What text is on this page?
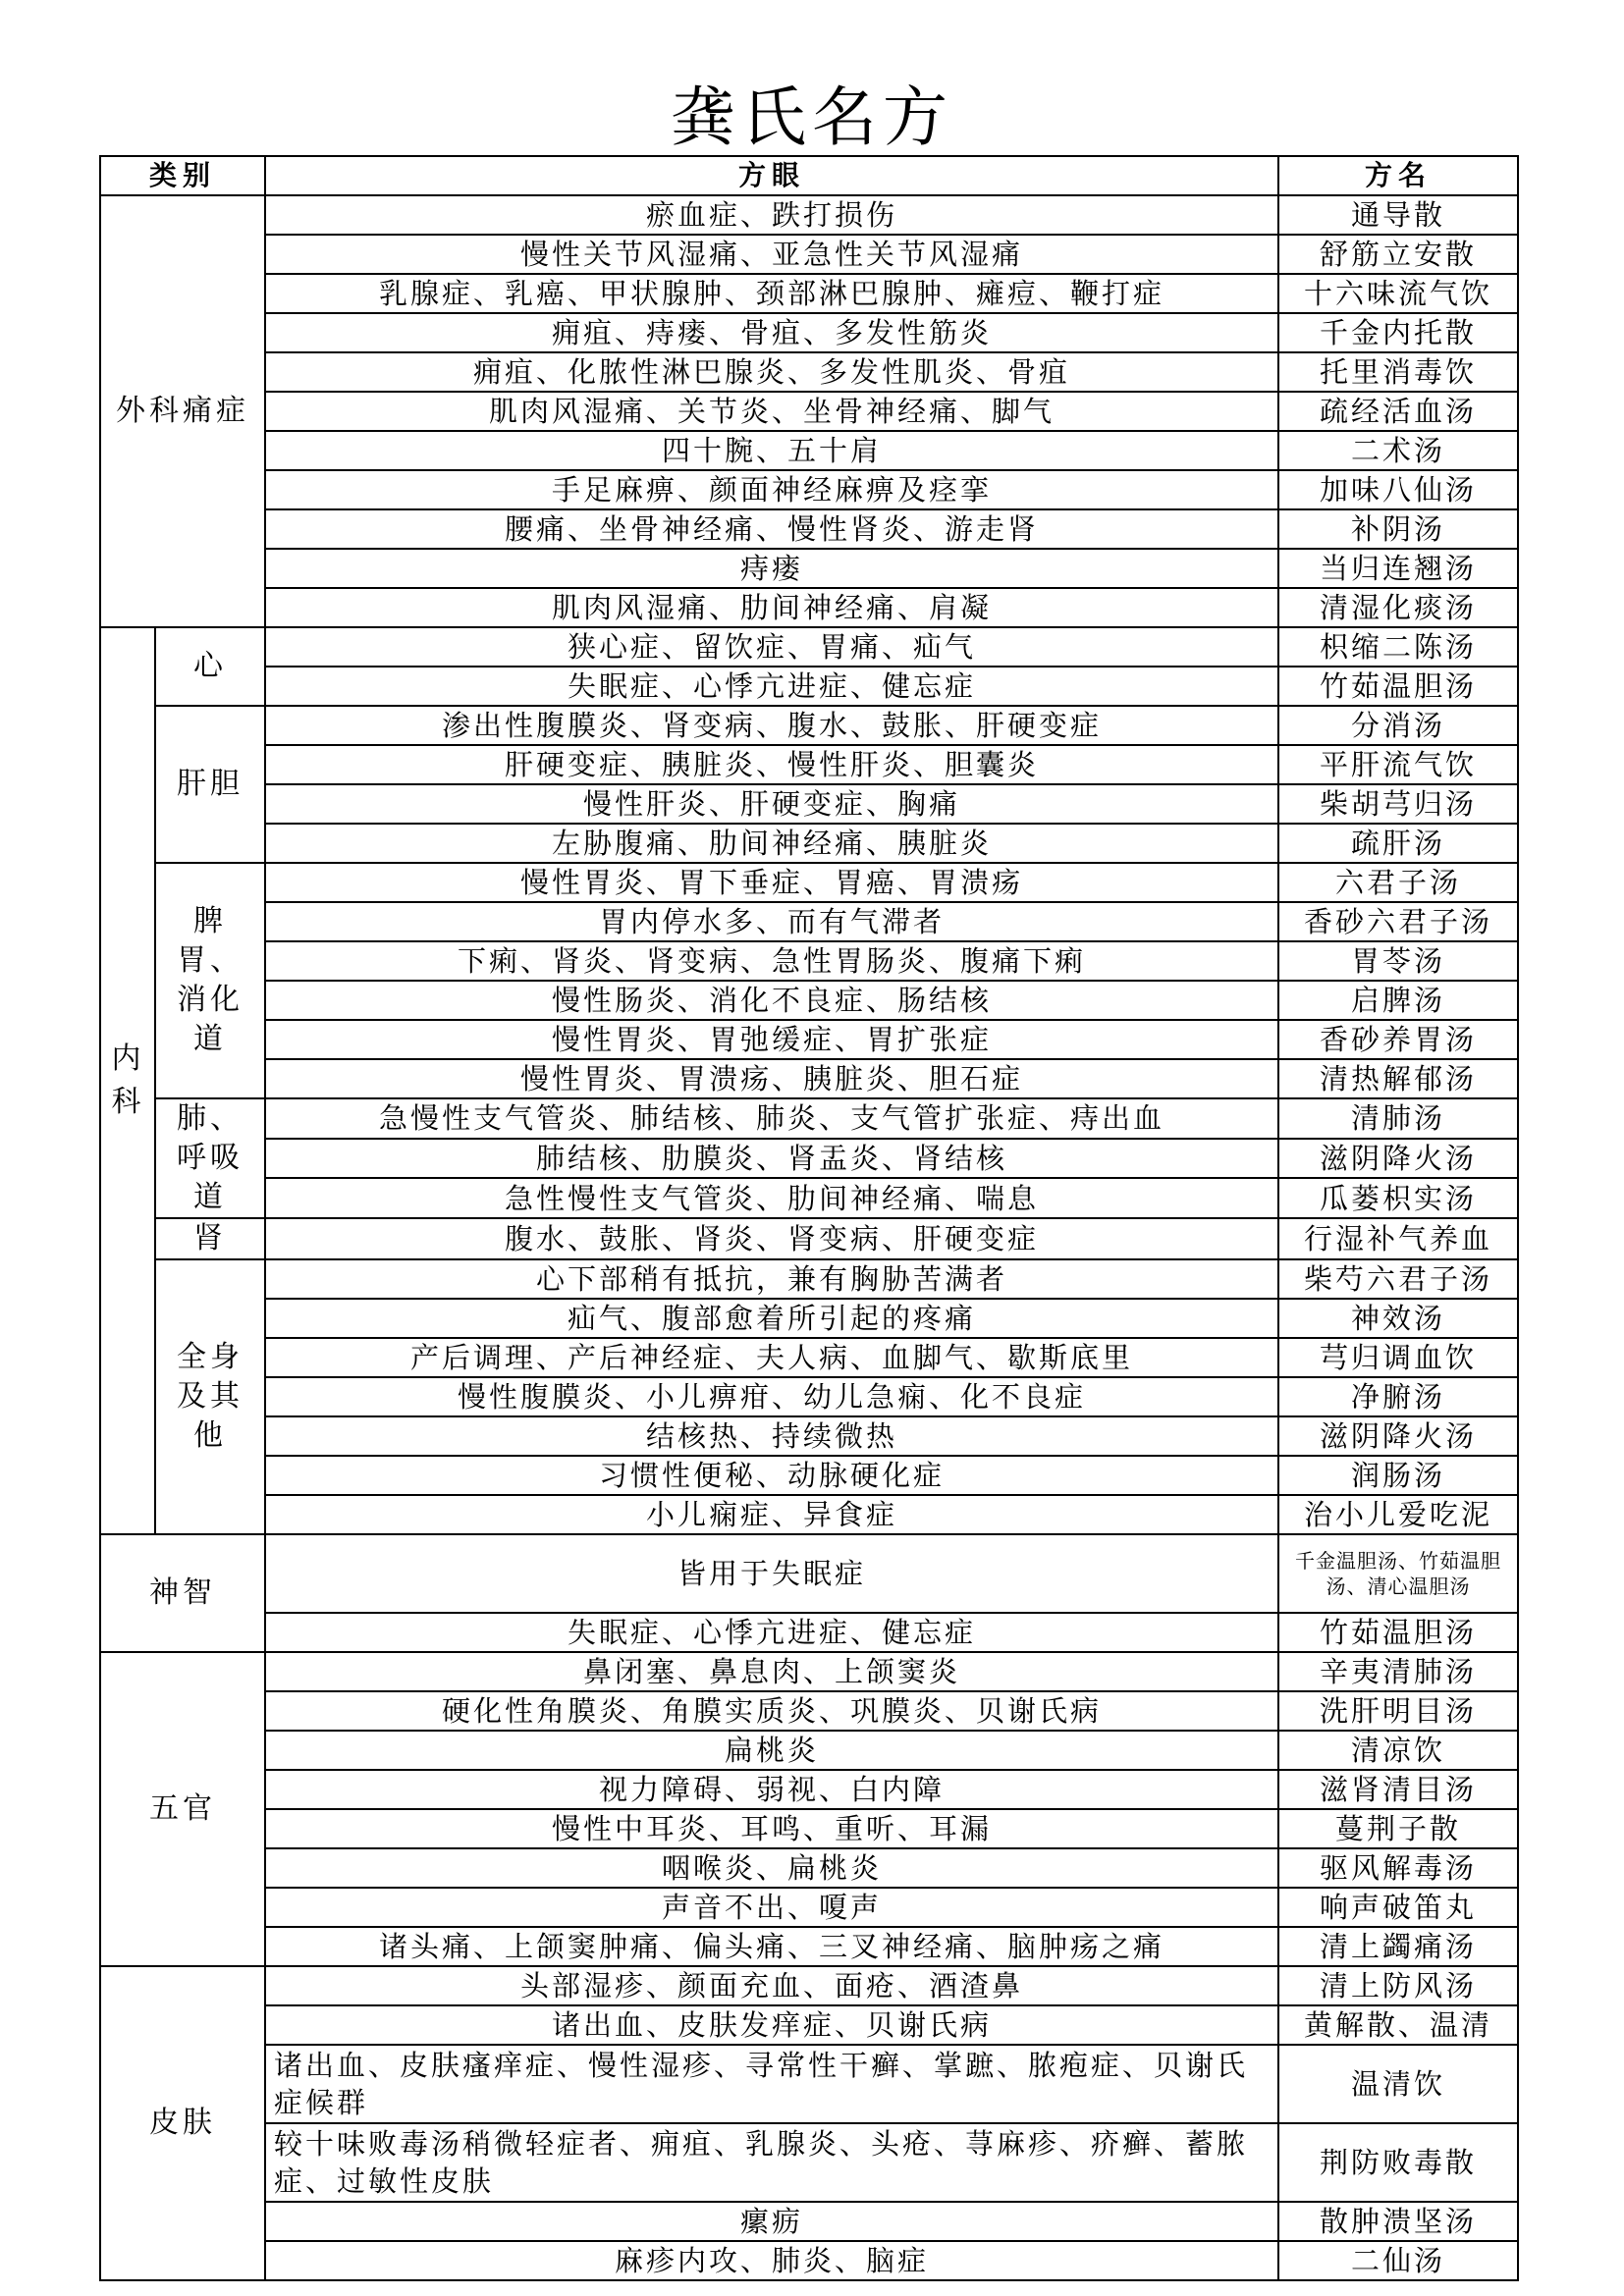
龚氏名方
类别		方眼	方名
外科痛症		瘀血症、跌打损伤	通导散
		慢性关节风湿痛、亚急性关节风湿痛	舒筋立安散
		乳腺症、乳癌、甲状腺肿、颈部淋巴腺肿、瘫痘、鞭打症	十六味流气饮
		痈疽、痔瘘、骨疽、多发性筋炎	千金内托散
		痈疽、化脓性淋巴腺炎、多发性肌炎、骨疽	托里消毒饮
		肌肉风湿痛、关节炎、坐骨神经痛、脚气	疏经活血汤
		四十腕、五十肩	二术汤
		手足麻痹、颜面神经麻痹及痉挛	加味八仙汤
		腰痛、坐骨神经痛、慢性肾炎、游走肾	补阴汤
		痔瘘	当归连翘汤
		肌肉风湿痛、肋间神经痛、肩凝	清湿化痰汤

内科	心	狭心症、留饮症、胃痛、疝气	枳缩二陈汤
		失眠症、心悸亢进症、健忘症	竹茹温胆汤
	肝胆	渗出性腹膜炎、肾变病、腹水、鼓胀、肝硬变症	分消汤
		肝硬变症、胰脏炎、慢性肝炎、胆囊炎	平肝流气饮
		慢性肝炎、肝硬变症、胸痛	柴胡芎归汤
		左胁腹痛、肋间神经痛、胰脏炎	疏肝汤
	脾胃、消化道	慢性胃炎、胃下垂症、胃癌、胃溃疡	六君子汤
		胃内停水多、而有气滞者	香砂六君子汤
		下痢、肾炎、肾变病、急性胃肠炎、腹痛下痢	胃苓汤
		慢性肠炎、消化不良症、肠结核	启脾汤
		慢性胃炎、胃弛缓症、胃扩张症	香砂养胃汤
		慢性胃炎、胃溃疡、胰脏炎、胆石症	清热解郁汤
	肺、呼吸道	急慢性支气管炎、肺结核、肺炎、支气管扩张症、痔出血	清肺汤
		肺结核、肋膜炎、肾盂炎、肾结核	滋阴降火汤
		急性慢性支气管炎、肋间神经痛、喘息	瓜蒌枳实汤
	肾	腹水、鼓胀、肾炎、肾变病、肝硬变症	行湿补气养血
	全身及其他	心下部稍有抵抗，兼有胸胁苦满者	柴芍六君子汤
		疝气、腹部愈着所引起的疼痛	神效汤
		产后调理、产后神经症、夫人病、血脚气、歇斯底里	芎归调血饮
		慢性腹膜炎、小儿痹疳、幼儿急痫、化不良症	净腑汤
		结核热、持续微热	滋阴降火汤
		习惯性便秘、动脉硬化症	润肠汤
		小儿痫症、异食症	治小儿爱吃泥
神智		皆用于失眠症	千金温胆汤、竹茹温胆汤、清心温胆汤
		失眠症、心悸亢进症、健忘症	竹茹温胆汤
五官		鼻闭塞、鼻息肉、上颌窦炎	辛夷清肺汤
		硬化性角膜炎、角膜实质炎、巩膜炎、贝谢氏病	洗肝明目汤
		扁桃炎	清凉饮
		视力障碍、弱视、白内障	滋肾清目汤
		慢性中耳炎、耳鸣、重听、耳漏	蔓荆子散
		咽喉炎、扁桃炎	驱风解毒汤
		声音不出、嗄声	响声破笛丸
		诸头痛、上颌窦肿痛、偏头痛、三叉神经痛、脑肿疡之痛	清上蠲痛汤
皮肤		头部湿疹、颜面充血、面疮、酒渣鼻	清上防风汤
		诸出血、皮肤发痒症、贝谢氏病	黄解散、温清
		诸出血、皮肤瘙痒症、慢性湿疹、寻常性干癣、掌蹠、脓疱症、贝谢氏症候群	温清饮
		较十味败毒汤稍微轻症者、痈疽、乳腺炎、头疮、荨麻疹、疥癣、蓄脓症、过敏性皮肤	荆防败毒散
		瘰疬	散肿溃坚汤
		麻疹内攻、肺炎、脑症	二仙汤
